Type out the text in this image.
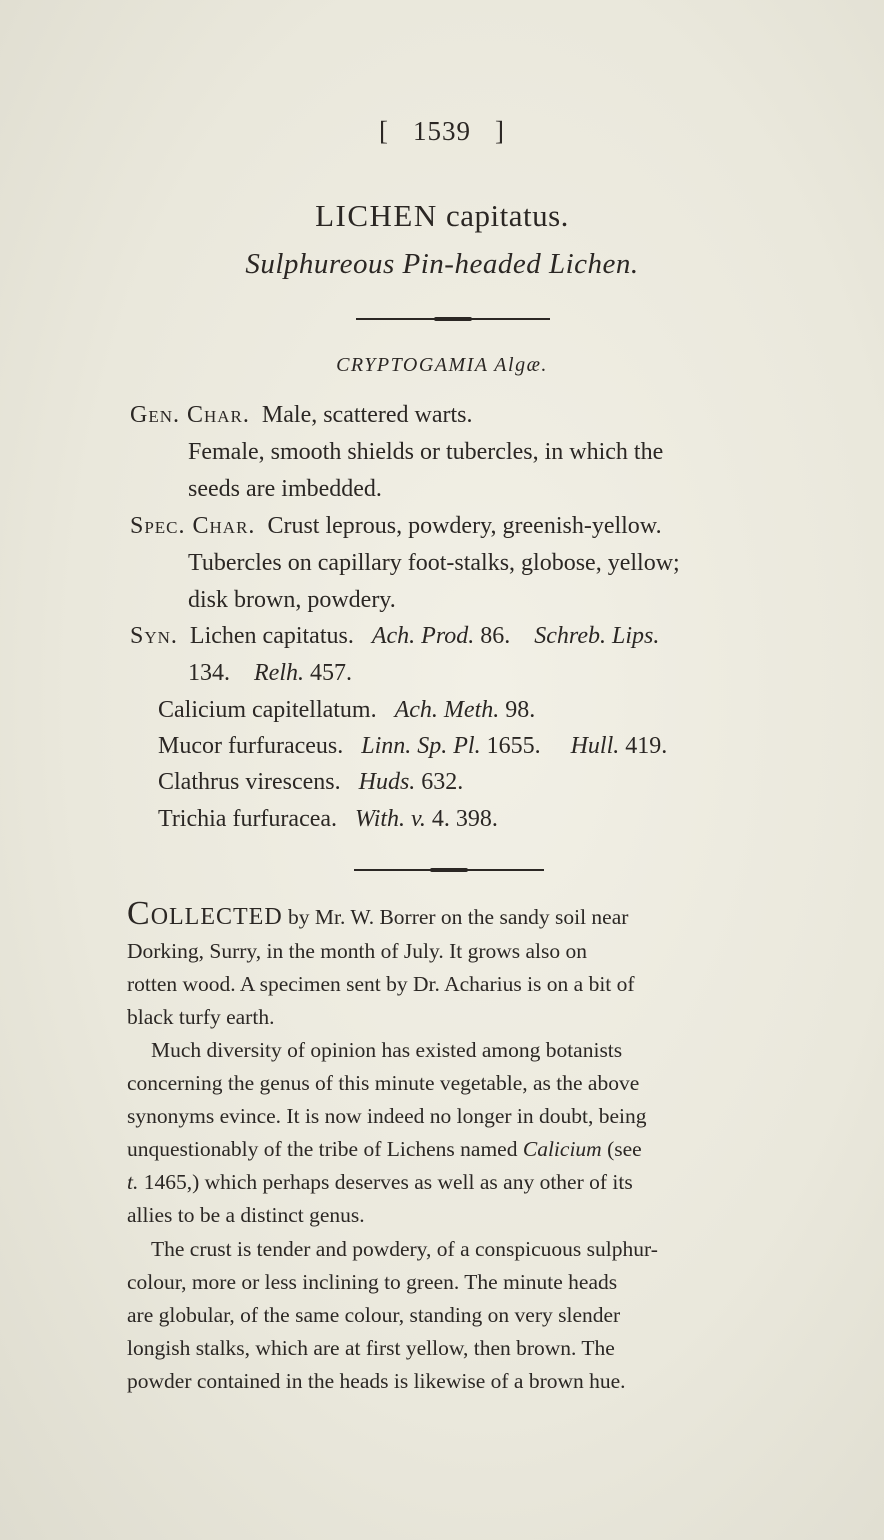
[ 1539 ]
LICHEN capitatus.
Sulphureous Pin-headed Lichen.
CRYPTOGAMIA Algæ.
Gen. Char. Male, scattered warts.
Female, smooth shields or tubercles, in which the
seeds are imbedded.
Spec. Char. Crust leprous, powdery, greenish-yellow.
Tubercles on capillary foot-stalks, globose, yellow;
disk brown, powdery.
Syn. Lichen capitatus. Ach. Prod. 86. Schreb. Lips.
134. Relh. 457.
Calicium capitellatum. Ach. Meth. 98.
Mucor furfuraceus. Linn. Sp. Pl. 1655. Hull. 419.
Clathrus virescens. Huds. 632.
Trichia furfuracea. With. v. 4. 398.
COLLECTED by Mr. W. Borrer on the sandy soil near
Dorking, Surry, in the month of July. It grows also on
rotten wood. A specimen sent by Dr. Acharius is on a bit of
black turfy earth.
Much diversity of opinion has existed among botanists
concerning the genus of this minute vegetable, as the above
synonyms evince. It is now indeed no longer in doubt, being
unquestionably of the tribe of Lichens named Calicium (see
t. 1465,) which perhaps deserves as well as any other of its
allies to be a distinct genus.
The crust is tender and powdery, of a conspicuous sulphur-
colour, more or less inclining to green. The minute heads
are globular, of the same colour, standing on very slender
longish stalks, which are at first yellow, then brown. The
powder contained in the heads is likewise of a brown hue.
